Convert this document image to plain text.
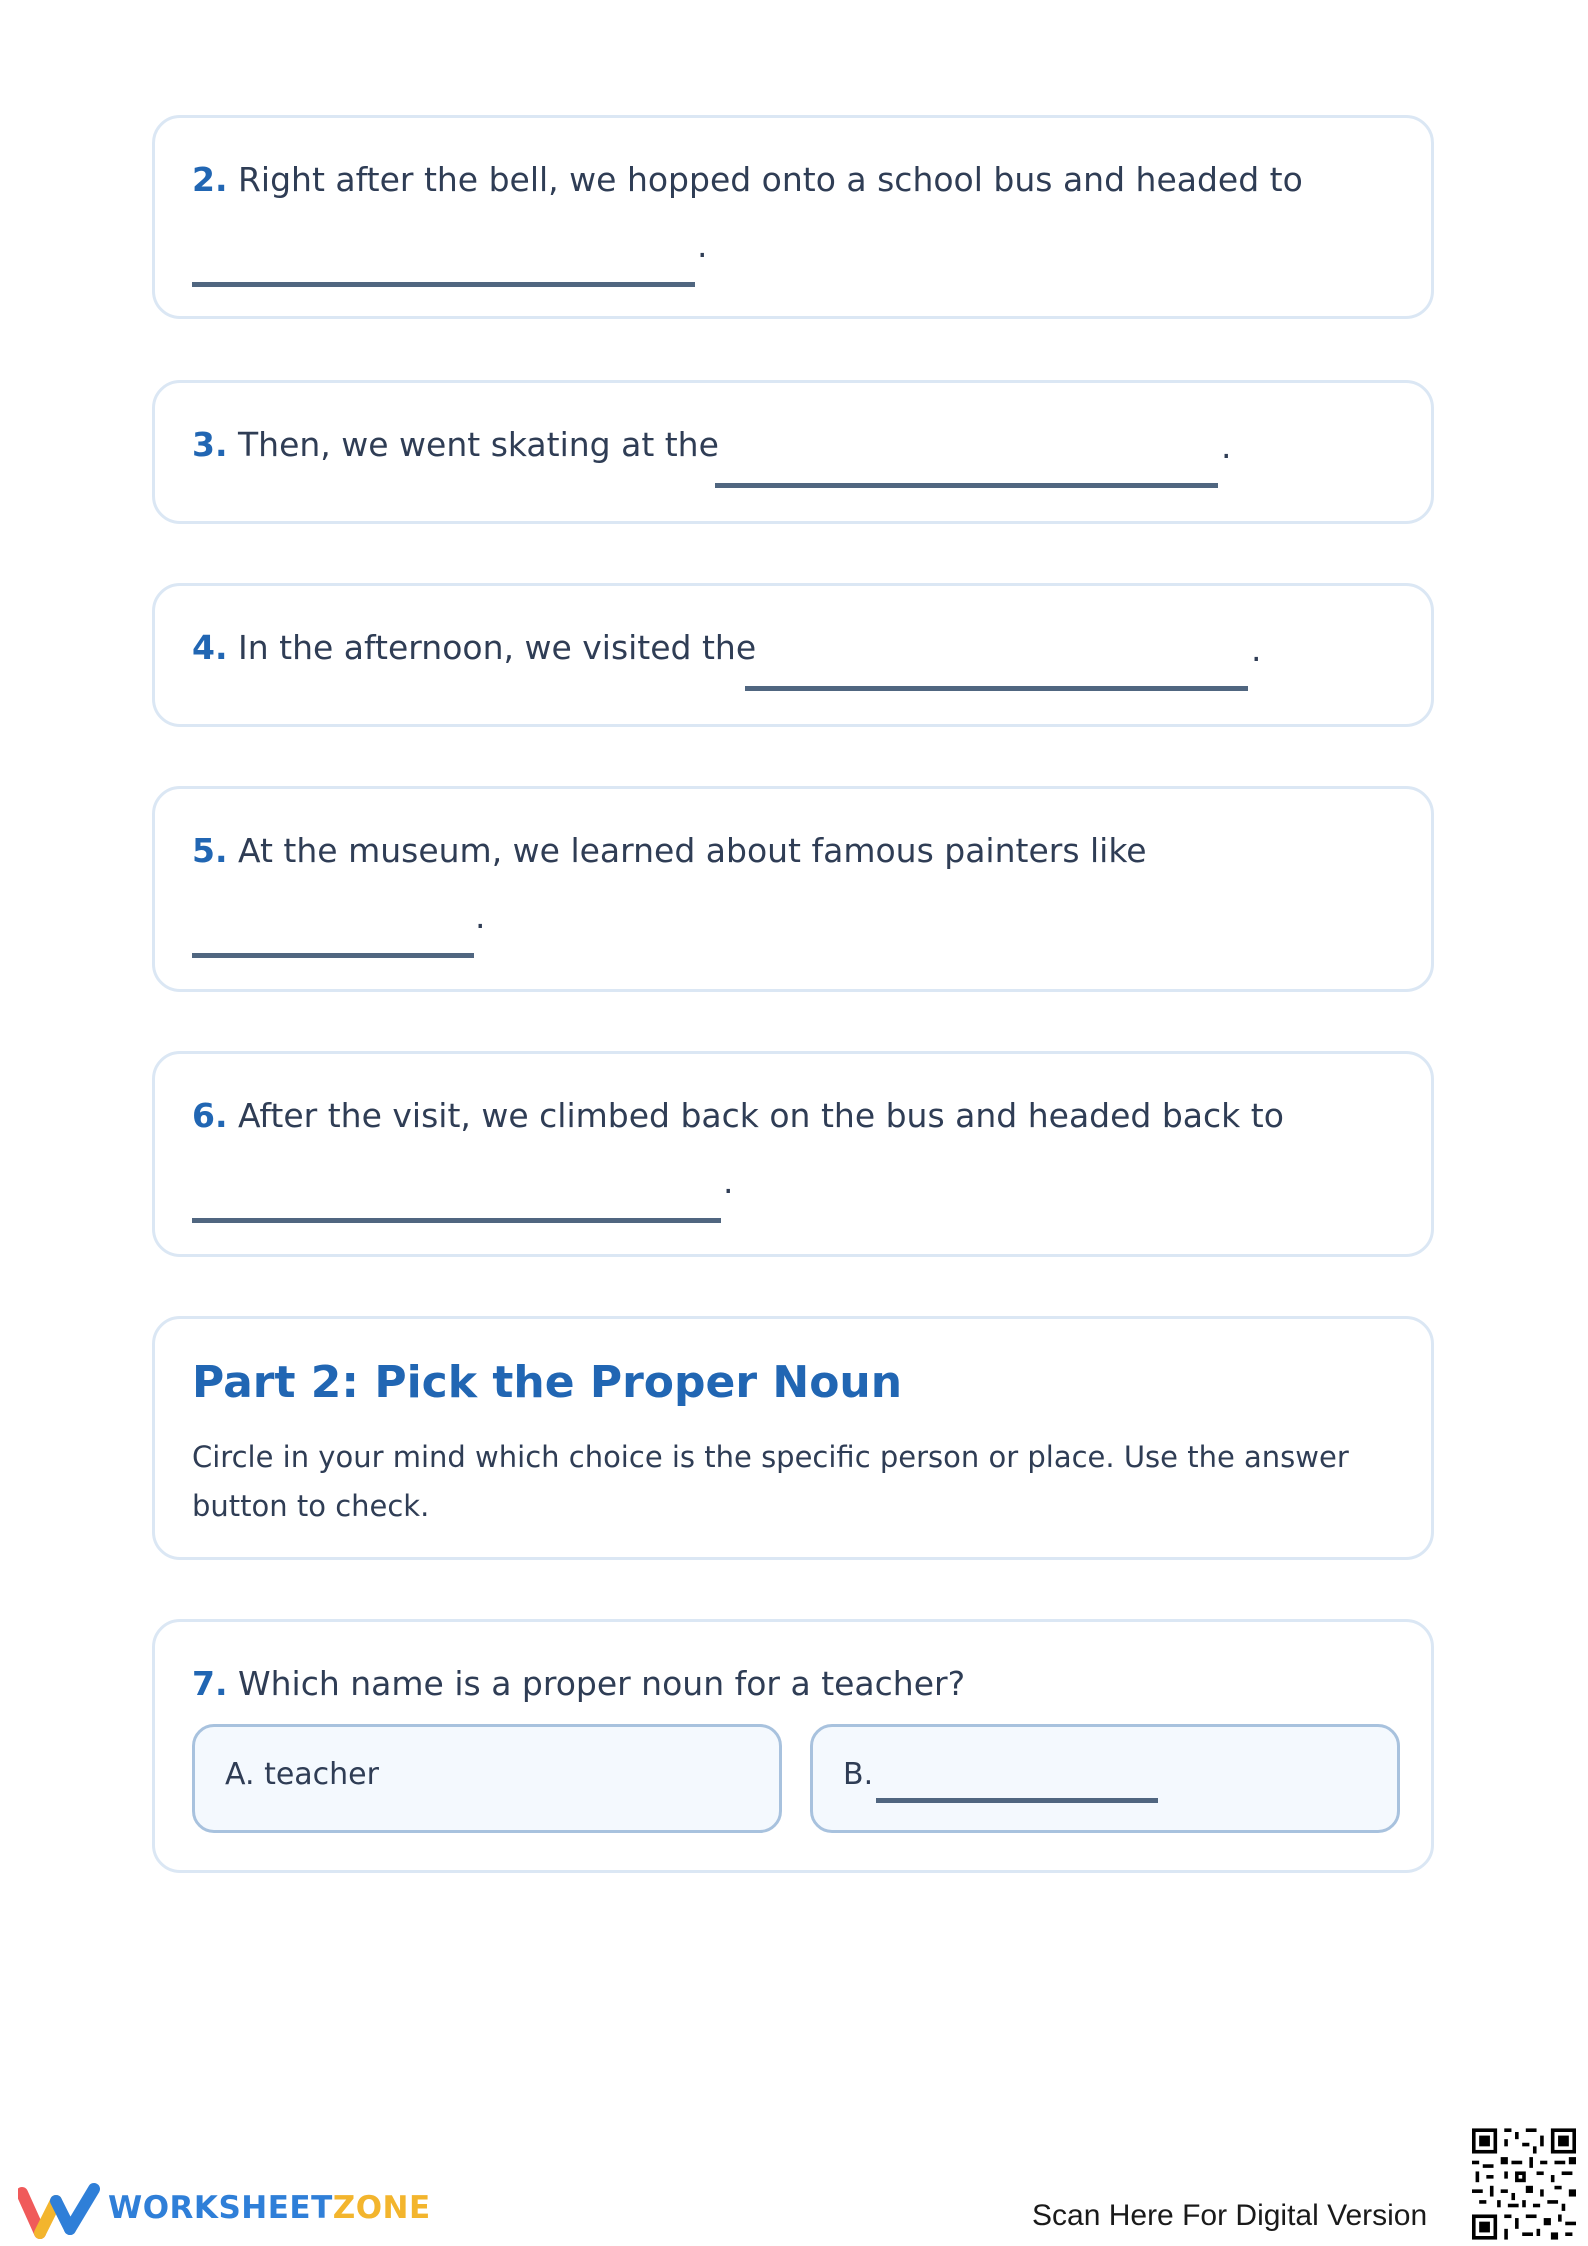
2. Right after the bell, we hopped onto a school bus and headed to
.
3. Then, we went skating at the	.
4. In the afternoon, we visited the	.
5. At the museum, we learned about famous painters like
.
6. After the visit, we climbed back on the bus and headed back to
.
Part 2: Pick the Proper Noun
Circle in your mind which choice is the specific person or place. Use the answer button to check.
7. Which name is a proper noun for a teacher?
A. teacher	B.
WORKSHEETZONE	Scan Here For Digital Version
